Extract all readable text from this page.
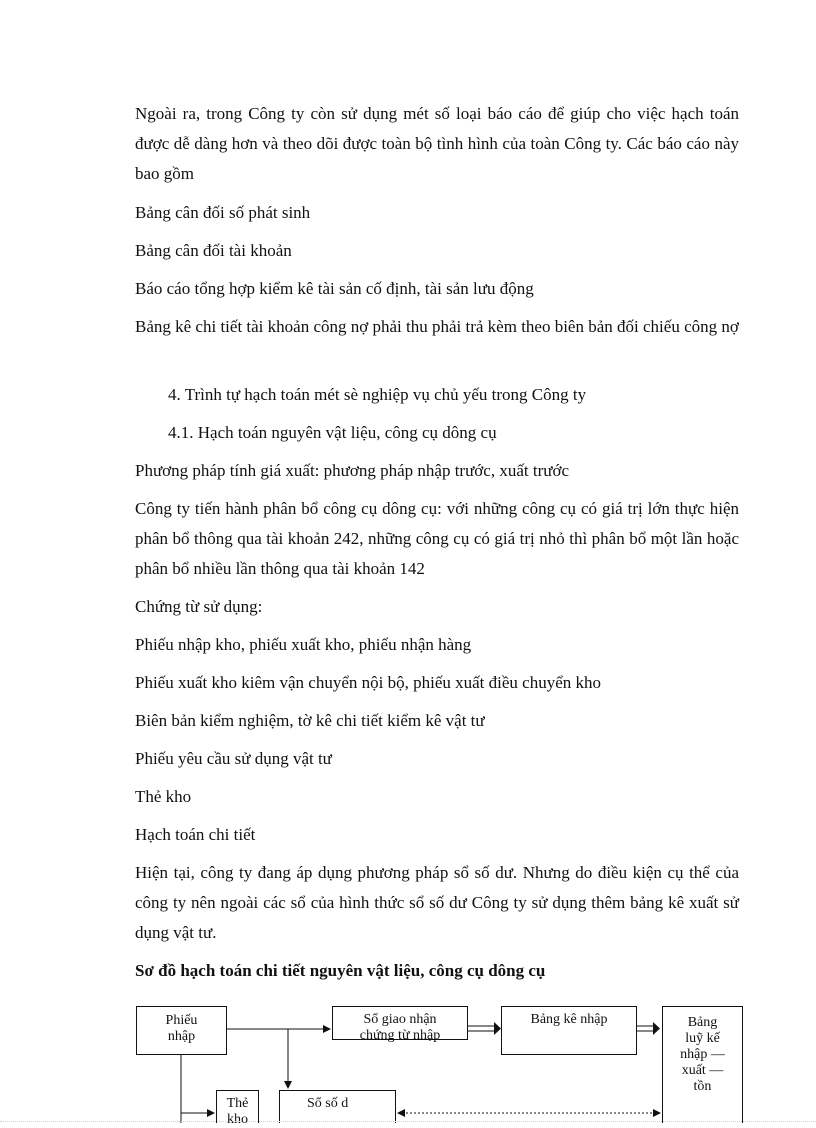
Ngoài ra, trong Công ty còn sử dụng mét số loại báo cáo để giúp cho việc hạch toán được dễ dàng hơn và theo dõi được toàn bộ tình hình của toàn Công ty. Các báo cáo này bao gồm

Bảng cân đối số phát sinh

Bảng cân đối tài khoản

Báo cáo tổng hợp kiểm kê tài sản cố định, tài sản lưu động

Bảng kê chi tiết tài khoản công nợ phải thu phải trả kèm theo biên bản đối chiếu công nợ

4. Trình tự hạch toán mét sè nghiệp vụ chủ yếu trong Công ty

4.1. Hạch toán nguyên vật liệu, công cụ dông cụ

Phương pháp tính giá xuất: phương pháp nhập trước, xuất trước

Công ty tiến hành phân bổ công cụ dông cụ: với những công cụ có giá trị lớn thực hiện phân bổ thông qua tài khoản 242, những công cụ có giá trị nhỏ thì phân bổ một lần hoặc phân bổ nhiều lần thông qua tài khoản 142

Chứng từ sử dụng:

Phiếu nhập kho, phiếu xuất kho, phiếu nhận hàng

Phiếu xuất kho kiêm vận chuyển nội bộ, phiếu xuất điều chuyển kho

Biên bản kiểm nghiệm, tờ kê chi tiết kiểm kê vật tư

Phiếu yêu cầu sử dụng vật tư

Thẻ kho

Hạch toán chi tiết

Hiện tại, công ty đang áp dụng phương pháp sổ số dư. Nhưng do điều kiện cụ thể của công ty nên ngoài các sổ của hình thức sổ số dư Công ty sử dụng thêm bảng kê xuất sử dụng vật tư.

Sơ đồ hạch toán chi tiết nguyên vật liệu, công cụ dông cụ

Phiếu
nhập
Sổ giao nhận
chứng từ nhập
Bảng kê nhập	Bảng
luỹ kế
nhập —
xuất —
tồn
Thẻ
kho
Sổ số d
